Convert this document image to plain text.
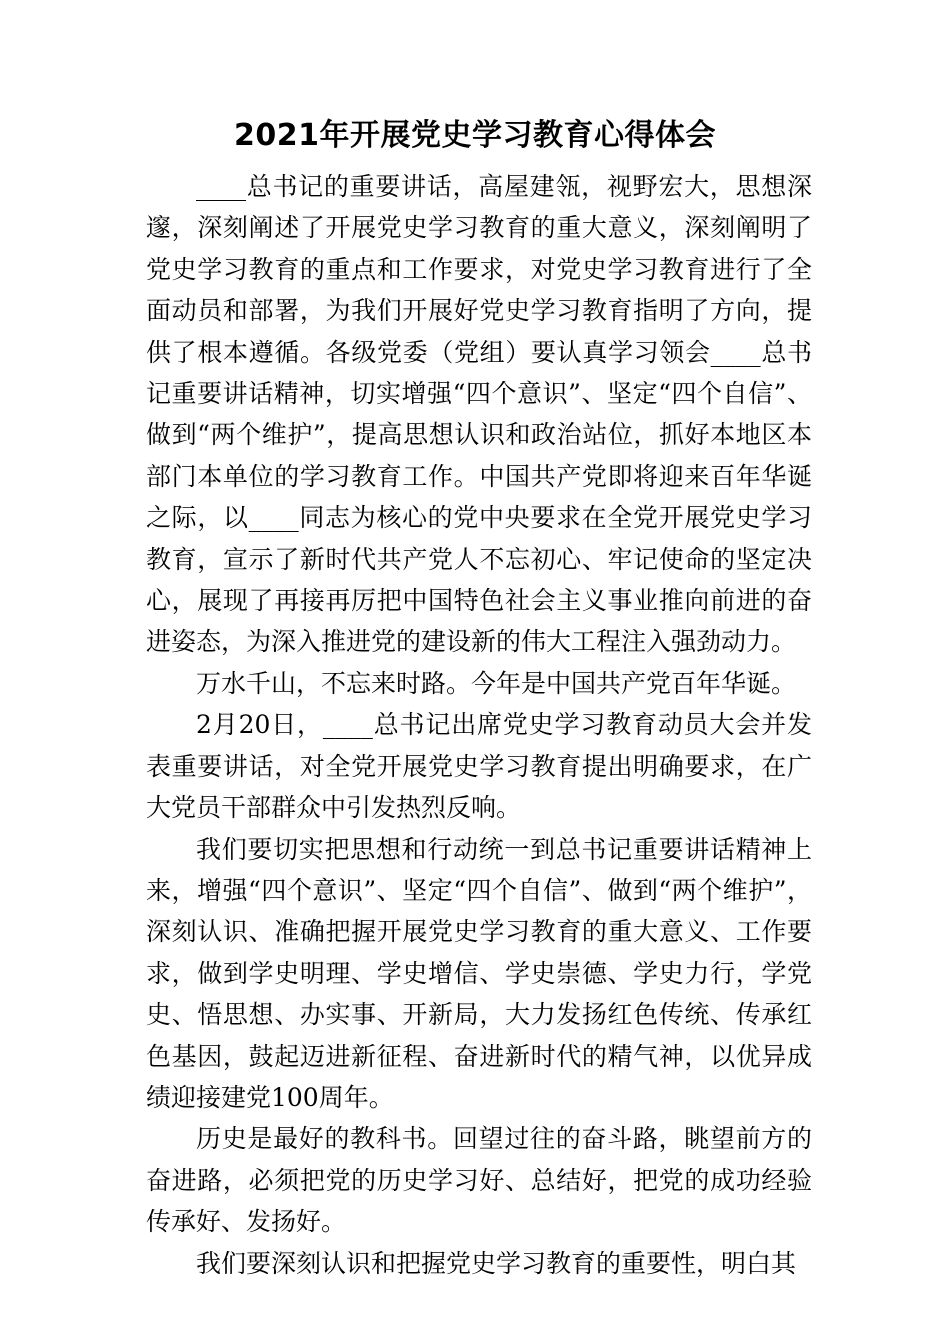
2021年开展党史学习教育心得体会

____总书记的重要讲话，高屋建瓴，视野宏大，思想深邃，深刻阐述了开展党史学习教育的重大意义，深刻阐明了党史学习教育的重点和工作要求，对党史学习教育进行了全面动员和部署，为我们开展好党史学习教育指明了方向，提供了根本遵循。各级党委（党组）要认真学习领会____总书记重要讲话精神，切实增强“四个意识”、坚定“四个自信”、做到“两个维护”，提高思想认识和政治站位，抓好本地区本部门本单位的学习教育工作。中国共产党即将迎来百年华诞之际，以____同志为核心的党中央要求在全党开展党史学习教育，宣示了新时代共产党人不忘初心、牢记使命的坚定决心，展现了再接再厉把中国特色社会主义事业推向前进的奋进姿态，为深入推进党的建设新的伟大工程注入强劲动力。

万水千山，不忘来时路。今年是中国共产党百年华诞。

2月20日，____总书记出席党史学习教育动员大会并发表重要讲话，对全党开展党史学习教育提出明确要求，在广大党员干部群众中引发热烈反响。

我们要切实把思想和行动统一到总书记重要讲话精神上来，增强“四个意识”、坚定“四个自信”、做到“两个维护”，深刻认识、准确把握开展党史学习教育的重大意义、工作要求，做到学史明理、学史增信、学史崇德、学史力行，学党史、悟思想、办实事、开新局，大力发扬红色传统、传承红色基因，鼓起迈进新征程、奋进新时代的精气神，以优异成绩迎接建党100周年。

历史是最好的教科书。回望过往的奋斗路，眺望前方的奋进路，必须把党的历史学习好、总结好，把党的成功经验传承好、发扬好。

我们要深刻认识和把握党史学习教育的重要性，明白其
